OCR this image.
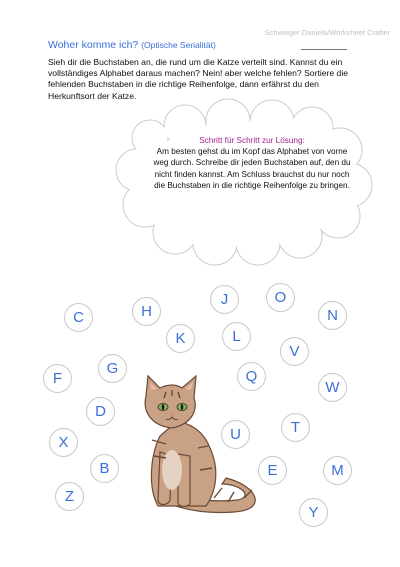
Schweiger Daniela/Worksheet Crafter
Woher komme ich? (Optische Serialität)
Sieh dir die Buchstaben an, die rund um die Katze verteilt sind. Kannst du ein vollständiges Alphabet daraus machen? Nein! aber welche fehlen? Sortiere die fehlenden Buchstaben in die richtige Reihenfolge, dann erfährst du den Herkunftsort der Katze.
Schritt für Schritt zur Lösung:
Am besten gehst du im Kopf das Alphabet von vorne weg durch. Schreibe dir jeden Buchstaben auf, den du nicht finden kannst. Am Schluss brauchst du nur noch die Buchstaben in die richtige Reihenfolge zu bringen.
C	H
J	O
N
K	L
V
G
F	Q
W
D
U	T
X
B	E	M
Z
Y
